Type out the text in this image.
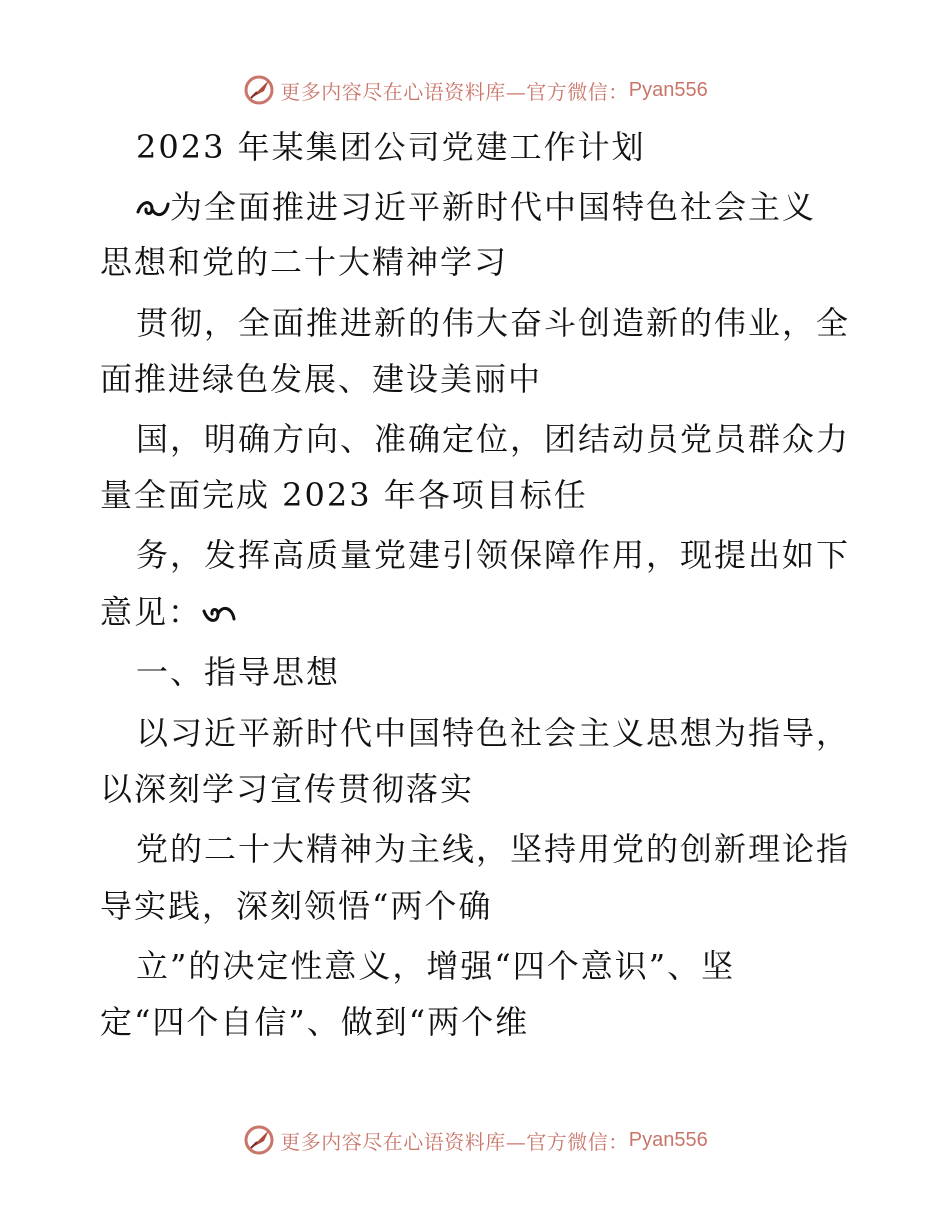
更多内容尽在心语资料库—官方微信： Pyan556
2023 年某集团公司党建工作计划
为全面推进习近平新时代中国特色社会主义
思想和党的二十大精神学习
贯彻，全面推进新的伟大奋斗创造新的伟业，全
面推进绿色发展、建设美丽中
国，明确方向、准确定位，团结动员党员群众力
量全面完成 2023 年各项目标任
务，发挥高质量党建引领保障作用，现提出如下
意见：
一、指导思想
以习近平新时代中国特色社会主义思想为指导，
以深刻学习宣传贯彻落实
党的二十大精神为主线，坚持用党的创新理论指
导实践，深刻领悟“两个确
立”的决定性意义，增强“四个意识”、坚
定“四个自信”、做到“两个维
更多内容尽在心语资料库—官方微信： Pyan556
